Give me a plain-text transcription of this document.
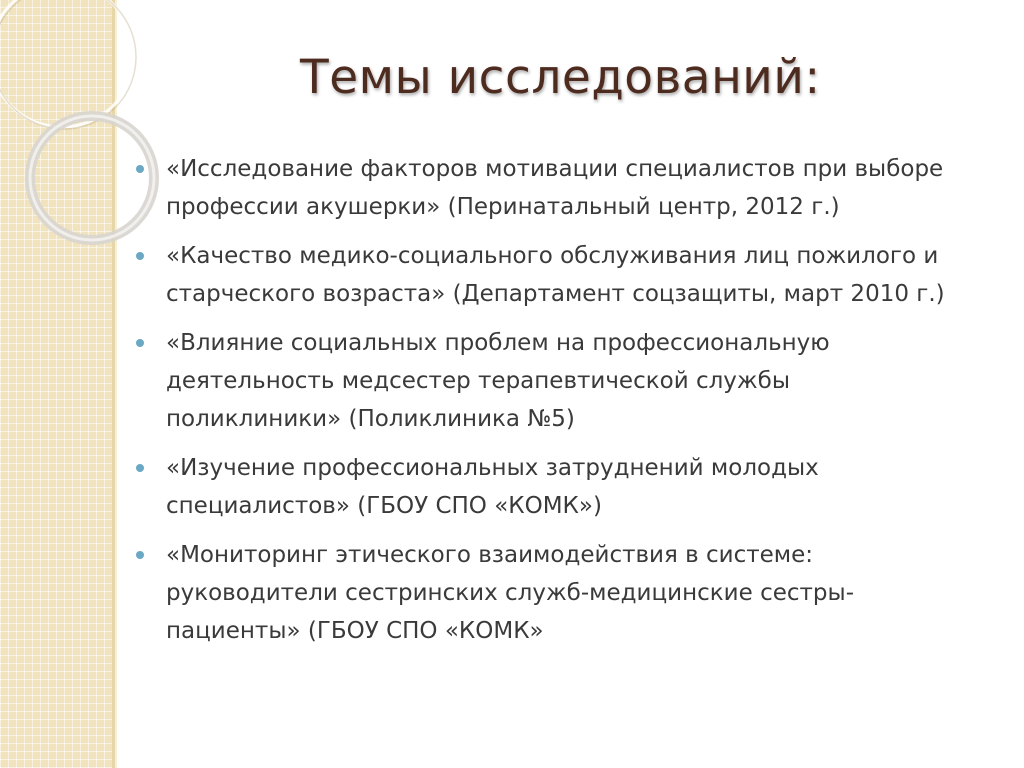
Темы исследований:
«Исследование факторов мотивации специалистов при выборе профессии акушерки» (Перинатальный центр, 2012 г.)
«Качество медико-социального обслуживания лиц пожилого и старческого возраста» (Департамент соцзащиты, март 2010 г.)
«Влияние социальных проблем на профессиональную деятельность медсестер терапевтической службы поликлиники» (Поликлиника №5)
«Изучение профессиональных затруднений молодых специалистов» (ГБОУ СПО «КОМК»)
«Мониторинг этического взаимодействия в системе: руководители сестринских служб-медицинские сестры-пациенты» (ГБОУ СПО «КОМК»
